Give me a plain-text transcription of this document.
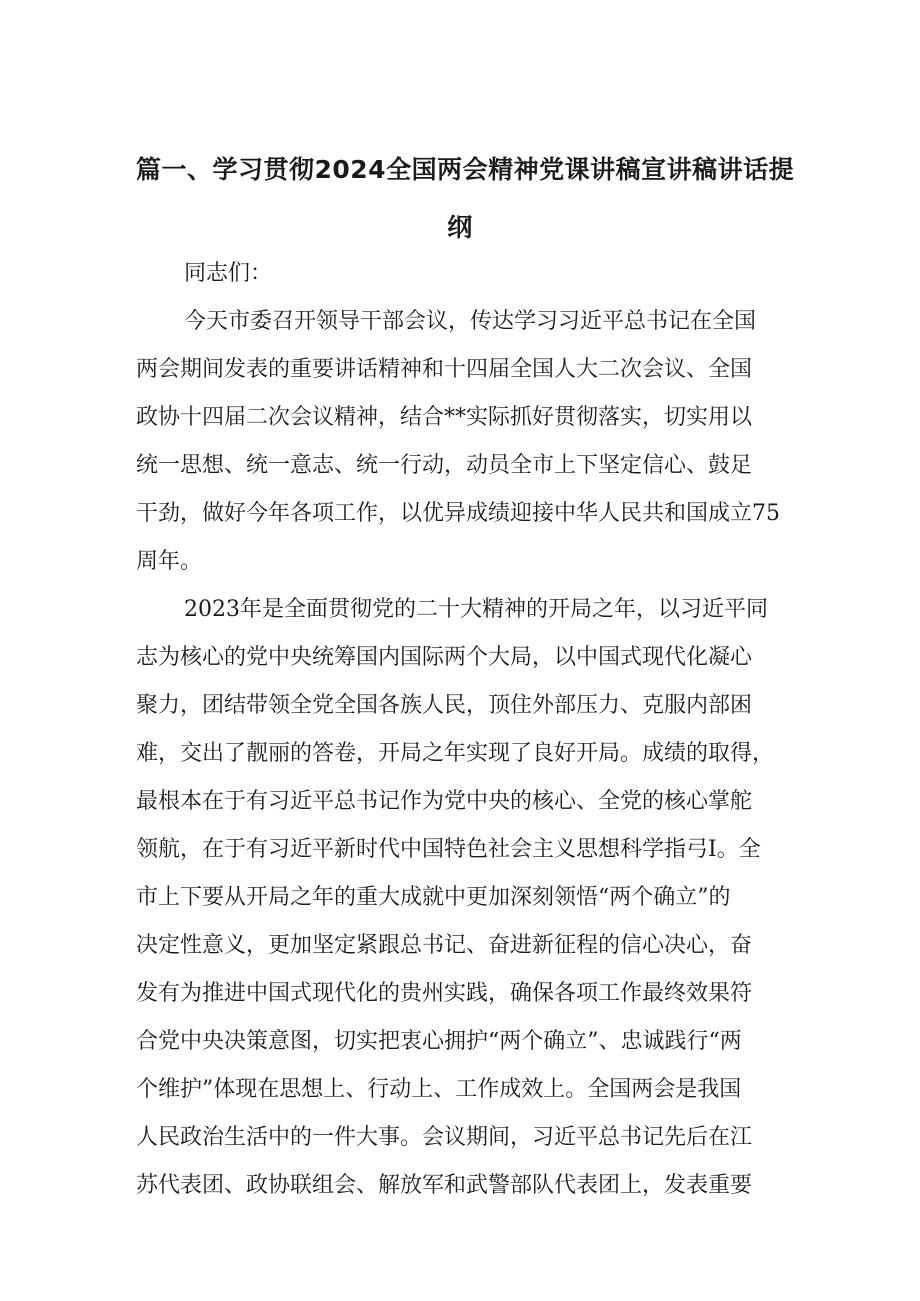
篇一、学习贯彻2024全国两会精神党课讲稿宣讲稿讲话提
纲
同志们：
今天市委召开领导干部会议，传达学习习近平总书记在全国
两会期间发表的重要讲话精神和十四届全国人大二次会议、全国
政协十四届二次会议精神，结合**实际抓好贯彻落实，切实用以
统一思想、统一意志、统一行动，动员全市上下坚定信心、鼓足
干劲，做好今年各项工作，以优异成绩迎接中华人民共和国成立75
周年。
2023年是全面贯彻党的二十大精神的开局之年，以习近平同
志为核心的党中央统筹国内国际两个大局，以中国式现代化凝心
聚力，团结带领全党全国各族人民，顶住外部压力、克服内部困
难，交出了靓丽的答卷，开局之年实现了良好开局。成绩的取得，
最根本在于有习近平总书记作为党中央的核心、全党的核心掌舵
领航，在于有习近平新时代中国特色社会主义思想科学指弓I。全
市上下要从开局之年的重大成就中更加深刻领悟“两个确立”的
决定性意义，更加坚定紧跟总书记、奋进新征程的信心决心，奋
发有为推进中国式现代化的贵州实践，确保各项工作最终效果符
合党中央决策意图，切实把衷心拥护“两个确立”、忠诚践行“两
个维护”体现在思想上、行动上、工作成效上。全国两会是我国
人民政治生活中的一件大事。会议期间，习近平总书记先后在江
苏代表团、政协联组会、解放军和武警部队代表团上，发表重要
